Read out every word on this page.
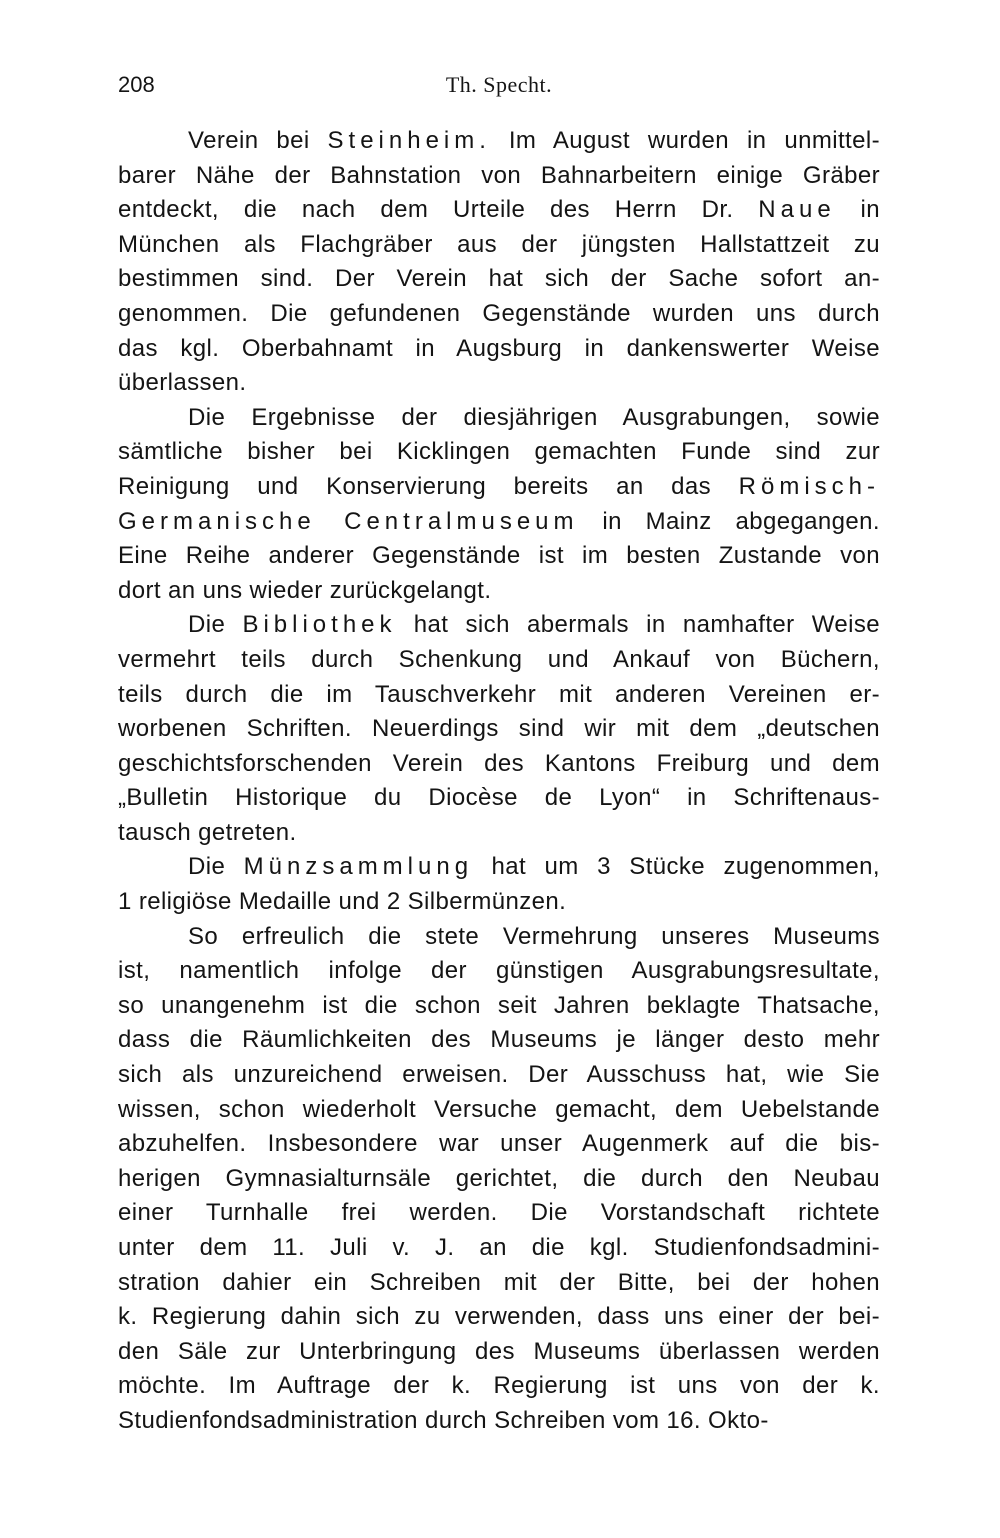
208	Th. Specht.
Verein bei Steinheim. Im August wurden in unmittel-
barer Nähe der Bahnstation von Bahnarbeitern einige Gräber
entdeckt, die nach dem Urteile des Herrn Dr. Naue in
München als Flachgräber aus der jüngsten Hallstattzeit zu
bestimmen sind. Der Verein hat sich der Sache sofort an-
genommen. Die gefundenen Gegenstände wurden uns durch
das kgl. Oberbahnamt in Augsburg in dankenswerter Weise
überlassen.
Die Ergebnisse der diesjährigen Ausgrabungen, sowie
sämtliche bisher bei Kicklingen gemachten Funde sind zur
Reinigung und Konservierung bereits an das Römisch-
Germanische Centralmuseum in Mainz abgegangen.
Eine Reihe anderer Gegenstände ist im besten Zustande von
dort an uns wieder zurückgelangt.
Die Bibliothek hat sich abermals in namhafter Weise
vermehrt teils durch Schenkung und Ankauf von Büchern,
teils durch die im Tauschverkehr mit anderen Vereinen er-
worbenen Schriften. Neuerdings sind wir mit dem „deutschen
geschichtsforschenden Verein des Kantons Freiburg und dem
„Bulletin Historique du Diocèse de Lyon“ in Schriftenaus-
tausch getreten.
Die Münzsammlung hat um 3 Stücke zugenommen,
1 religiöse Medaille und 2 Silbermünzen.
So erfreulich die stete Vermehrung unseres Museums
ist, namentlich infolge der günstigen Ausgrabungsresultate,
so unangenehm ist die schon seit Jahren beklagte Thatsache,
dass die Räumlichkeiten des Museums je länger desto mehr
sich als unzureichend erweisen. Der Ausschuss hat, wie Sie
wissen, schon wiederholt Versuche gemacht, dem Uebelstande
abzuhelfen. Insbesondere war unser Augenmerk auf die bis-
herigen Gymnasialturnsäle gerichtet, die durch den Neubau
einer Turnhalle frei werden. Die Vorstandschaft richtete
unter dem 11. Juli v. J. an die kgl. Studienfondsadmini-
stration dahier ein Schreiben mit der Bitte, bei der hohen
k. Regierung dahin sich zu verwenden, dass uns einer der bei-
den Säle zur Unterbringung des Museums überlassen werden
möchte. Im Auftrage der k. Regierung ist uns von der k.
Studienfondsadministration durch Schreiben vom 16. Okto-
